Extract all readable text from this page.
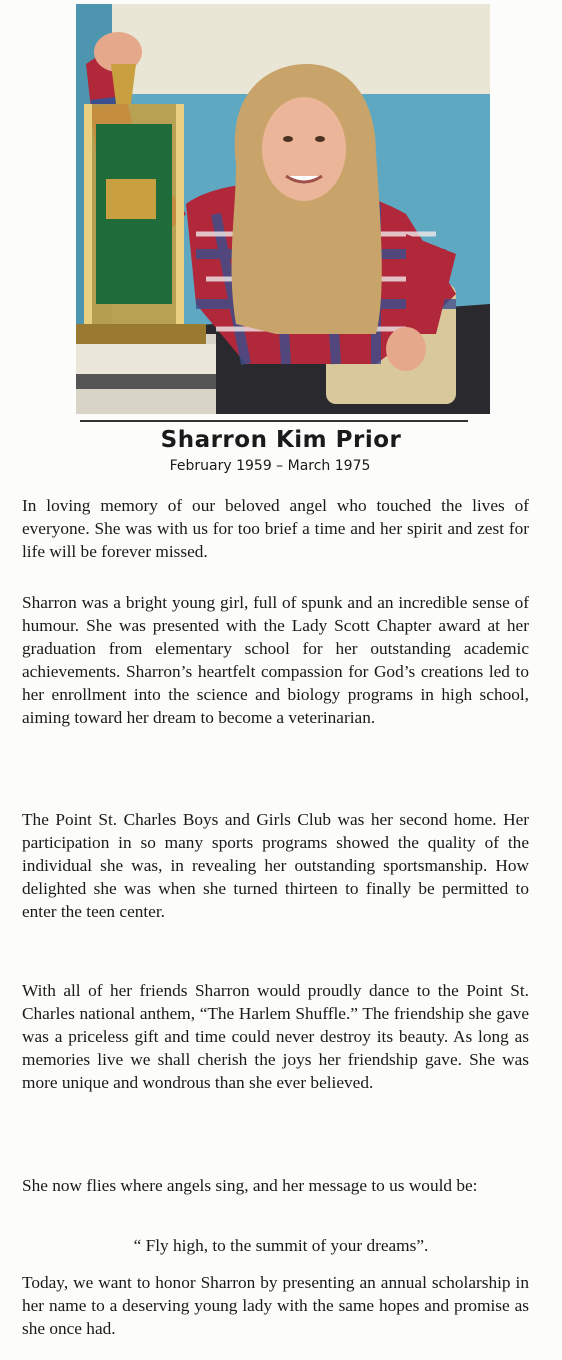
Sharron Kim Prior
February 1959 – March 1975

In loving memory of our beloved angel who touched the lives of everyone. She was with us for too brief a time and her spirit and zest for life will be forever missed.

Sharron was a bright young girl, full of spunk and an incredible sense of humour. She was presented with the Lady Scott Chapter award at her graduation from elementary school for her outstanding academic achievements. Sharron’s heartfelt compassion for God’s creations led to her enrollment into the science and biology programs in high school, aiming toward her dream to become a veterinarian.

The Point St. Charles Boys and Girls Club was her second home. Her participation in so many sports programs showed the quality of the individual she was, in revealing her outstanding sportsmanship. How delighted she was when she turned thirteen to finally be permitted to enter the teen center.

With all of her friends Sharron would proudly dance to the Point St. Charles national anthem, “The Harlem Shuffle.” The friendship she gave was a priceless gift and time could never destroy its beauty. As long as memories live we shall cherish the joys her friendship gave. She was more unique and wondrous than she ever believed.

She now flies where angels sing, and her message to us would be:

“ Fly high, to the summit of your dreams”.

Today, we want to honor Sharron by presenting an annual scholarship in her name to a deserving young lady with the same hopes and promise as she once had.
